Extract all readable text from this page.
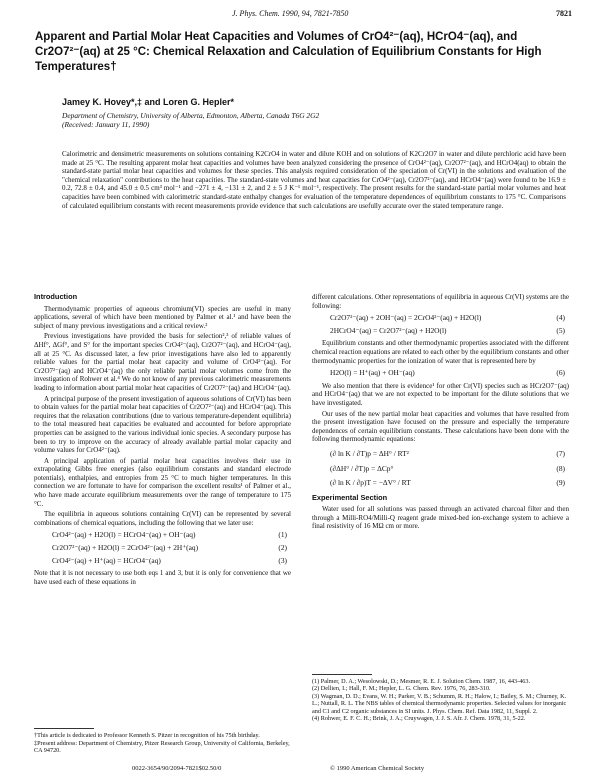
J. Phys. Chem. 1990, 94, 7821-7850	7821
Apparent and Partial Molar Heat Capacities and Volumes of CrO4²⁻(aq), HCrO4⁻(aq), and Cr2O7²⁻(aq) at 25 °C: Chemical Relaxation and Calculation of Equilibrium Constants for High Temperatures†
Jamey K. Hovey*,‡ and Loren G. Hepler*
Department of Chemistry, University of Alberta, Edmonton, Alberta, Canada T6G 2G2
(Received: January 11, 1990)
Calorimetric and densimetric measurements on solutions containing K2CrO4 in water and dilute KOH and on solutions of K2Cr2O7 in water and dilute perchloric acid have been made at 25 °C. The resulting apparent molar heat capacities and volumes have been analyzed considering the presence of CrO4²⁻(aq), Cr2O7²⁻(aq), and HCrO4(aq) to obtain the standard-state partial molar heat capacities and volumes for these species. This analysis required consideration of the speciation of Cr(VI) in the solutions and evaluation of the "chemical relaxation" contributions to the heat capacities. The standard-state volumes and heat capacities for CrO4²⁻(aq), Cr2O7²⁻(aq), and HCrO4⁻(aq) were found to be 16.9 ± 0.2, 72.8 ± 0.4, and 45.0 ± 0.5 cm³ mol⁻¹ and −271 ± 4, −131 ± 2, and 2 ± 5 J K⁻¹ mol⁻¹, respectively. The present results for the standard-state partial molar volumes and heat capacities have been combined with calorimetric standard-state enthalpy changes for evaluation of the temperature dependences of equilibrium constants to 175 °C. Comparisons of calculated equilibrium constants with recent measurements provide evidence that such calculations are usefully accurate over the stated temperature range.
Introduction

Thermodynamic properties of aqueous chromium(VI) species are useful in many applications, several of which have been mentioned by Palmer et al.¹ and have been the subject of many previous investigations and a critical review.²

Previous investigations have provided the basis for selection²,³ of reliable values of ΔHf°, ΔGf°, and S° for the important species CrO4²⁻(aq), Cr2O7²⁻(aq), and HCrO4⁻(aq), all at 25 °C. As discussed later, a few prior investigations have also led to apparently reliable values for the partial molar heat capacity and volume of CrO4²⁻(aq). For Cr2O7²⁻(aq) and HCrO4⁻(aq) the only reliable partial molar volumes come from the investigation of Rohwer et al.⁴ We do not know of any previous calorimetric measurements leading to information about partial molar heat capacities of Cr2O7²⁻(aq) and HCrO4⁻(aq).

A principal purpose of the present investigation of aqueous solutions of Cr(VI) has been to obtain values for the partial molar heat capacities of Cr2O7²⁻(aq) and HCrO4⁻(aq). This requires that the relaxation contributions (due to various temperature-dependent equilibria) to the total measured heat capacities be evaluated and accounted for before appropriate properties can be assigned to the various individual ionic species. A secondary purpose has been to try to improve on the accuracy of already available partial molar capacity and volume values for CrO4²⁻(aq).

A principal application of partial molar heat capacities involves their use in extrapolating Gibbs free energies (also equilibrium constants and standard electrode potentials), enthalpies, and entropies from 25 °C to much higher temperatures. In this connection we are fortunate to have for comparison the excellent results¹ of Palmer et al., who have made accurate equilibrium measurements over the range of temperature to 175 °C.

The equilibria in aqueous solutions containing Cr(VI) can be represented by several combinations of chemical equations, including the following that we later use:

CrO4²⁻(aq) + H2O(l) = HCrO4⁻(aq) + OH⁻(aq)	(1)
Cr2O7²⁻(aq) + H2O(l) = 2CrO4²⁻(aq) + 2H⁺(aq)	(2)
CrO4²⁻(aq) + H⁺(aq) = HCrO4⁻(aq)	(3)

Note that it is not necessary to use both eqs 1 and 3, but it is only for convenience that we have used each of these equations in

†This article is dedicated to Professor Kenneth S. Pitzer in recognition of his 75th birthday.
‡Present address: Department of Chemistry, Pitzer Research Group, University of California, Berkeley, CA 94720.

different calculations. Other representations of equilibria in aqueous Cr(VI) systems are the following:

Cr2O7²⁻(aq) + 2OH⁻(aq) = 2CrO4²⁻(aq) + H2O(l)	(4)
2HCrO4⁻(aq) = Cr2O7²⁻(aq) + H2O(l)	(5)

Equilibrium constants and other thermodynamic properties associated with the different chemical reaction equations are related to each other by the equilibrium constants and other thermodynamic properties for the ionization of water that is represented here by

H2O(l) = H⁺(aq) + OH⁻(aq)	(6)

We also mention that there is evidence¹ for other Cr(VI) species such as HCr2O7⁻(aq) and HCrO4⁻(aq) that we are not expected to be important for the dilute solutions that we have investigated.

Our uses of the new partial molar heat capacities and volumes that have resulted from the present investigation have focused on the pressure and especially the temperature dependences of certain equilibrium constants. These calculations have been done with the following thermodynamic equations:

(∂ ln K / ∂T)p = ΔH° / RT²	(7)
(∂ΔH° / ∂T)p = ΔCp°	(8)
(∂ ln K / ∂p)T = −ΔV° / RT	(9)
Experimental Section

Water used for all solutions was passed through an activated charcoal filter and then through a Milli-RO4/Milli-Q reagent grade mixed-bed ion-exchange system to achieve a final resistivity of 16 MΩ cm or more.

(1) Palmer, D. A.; Wesolowski, D.; Mesmer, R. E. J. Solution Chem. 1987, 16, 443-463.
(2) Dellien, I.; Hall, F. M.; Hepler, L. G. Chem. Rev. 1976, 76, 283-310.
(3) Wagman, D. D.; Evans, W. H.; Parker, V. B.; Schumm, R. H.; Halow, I.; Bailey, S. M.; Churney, K. L.; Nuttall, R. L. The NBS tables of chemical thermodynamic properties. Selected values for inorganic and C1 and C2 organic substances in SI units. J. Phys. Chem. Ref. Data 1982, 11, Suppl. 2.
(4) Rohwer, E. F. C. H.; Brink, J. A.; Cruywagen, J. J. S. Afr. J. Chem. 1978, 31, 5-22.
0022-3654/90/2094-7821$02.50/0	© 1990 American Chemical Society
